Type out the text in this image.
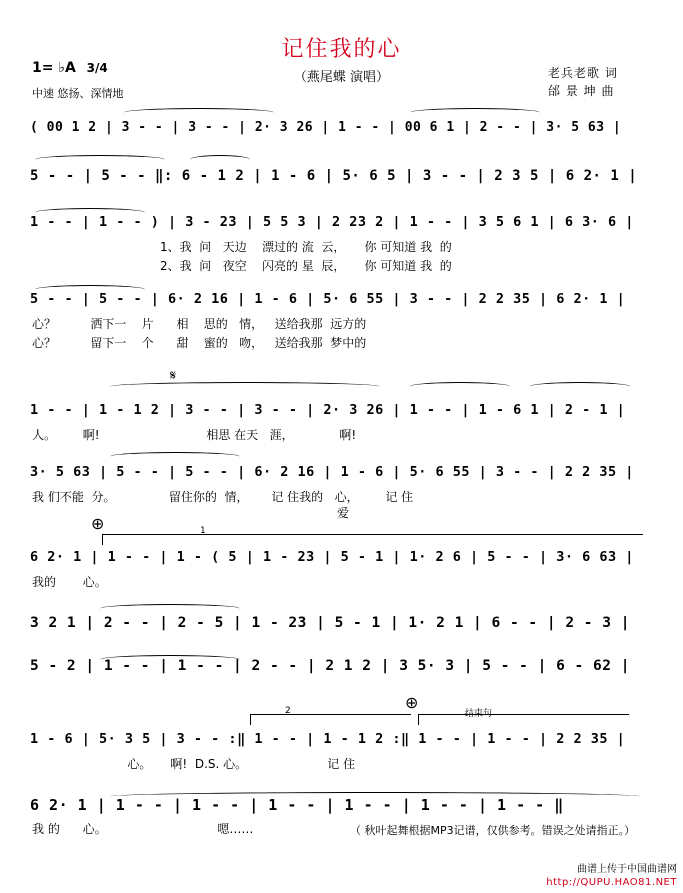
记住我的心
（燕尾蝶 演唱）
1= ♭A 3/4
中速 悠扬、深情地
老兵老歌 词
邰 景 坤 曲
( 00 1 2 | 3 - - | 3 - - | 2· 3 26 | 1 - - | 00 6 1 | 2 - - | 3· 5 63 |
5 - - | 5 - - ‖: 6 - 1 2 | 1 - 6 | 5· 6 5 | 3 - - | 2 3 5 | 6 2· 1 |
1 - - | 1 - - ) | 3 - 23 | 5 5 3 | 2 23 2 | 1 - - | 3 5 6 1 | 6 3· 6 |
1、我  问   天边    漂过的 流  云，     你 可知道 我  的
2、我  问   夜空    闪亮的 星  辰，     你 可知道 我  的
5 - - | 5 - - | 6· 2 16 | 1 - 6 | 5· 6 55 | 3 - - | 2 2 35 | 6 2· 1 |
心？         洒下一    片      相    思的   情，   送给我那  远方的
心？         留下一    个      甜    蜜的   吻，   送给我那  梦中的
1 - - | 1 - 1 2 | 3 - - | 3 - - | 2· 3 26 | 1 - - | 1 - 6 1 | 2 - 1 |
人。       啊!                            相思 在天   涯，            啊!
3· 5 63 | 5 - - | 5 - - | 6· 2 16 | 1 - 6 | 5· 6 55 | 3 - - | 2 2 35 |
我 们不能  分。              留住你的  情，      记 住我的   心，       记 住
爱
6 2· 1 | 1 - - | 1 - ( 5 | 1 - 23 | 5 - 1 | 1· 2 6 | 5 - - | 3· 6 63 |
我的       心。
3 2 1 | 2 - - | 2 - 5 | 1 - 23 | 5 - 1 | 1· 2 1 | 6 - - | 2 - 3 |
5 - 2 | 1 - - | 1 - - | 2 - - | 2 1 2 | 3 5· 3 | 5 - - | 6 - 62 |
1 - 6 | 5· 3 5 | 3 - - :‖ 1 - - | 1 - 1 2 :‖ 1 - - | 1 - - | 2 2 35 |
心。     啊!  D.S. 心。                     记 住
6 2· 1 | 1 - - | 1 - - | 1 - - | 1 - - | 1 - - | 1 - - ‖
我 的      心。                             嗯……
𝄋
⊕
⊕
1
2	结束句
（ 秋叶起舞根据MP3记谱，仅供参考。错误之处请指正。）
曲谱上传于中国曲谱网
http://QUPU.HAO81.NET
